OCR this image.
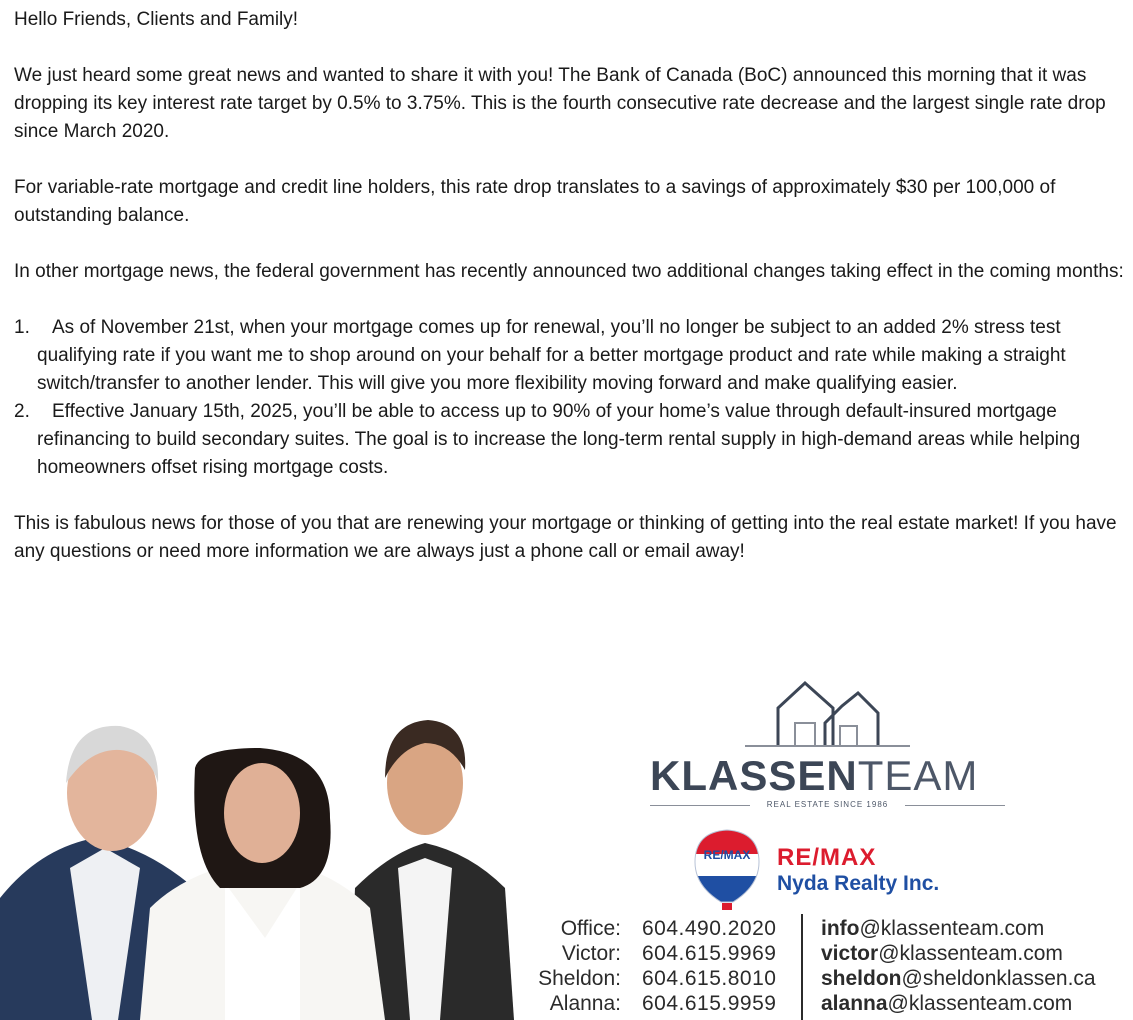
Hello Friends, Clients and Family!

We just heard some great news and wanted to share it with you! The Bank of Canada (BoC) announced this morning that it was dropping its key interest rate target by 0.5% to 3.75%. This is the fourth consecutive rate decrease and the largest single rate drop since March 2020.

For variable-rate mortgage and credit line holders, this rate drop translates to a savings of approximately $30 per 100,000 of outstanding balance.

In other mortgage news, the federal government has recently announced two additional changes taking effect in the coming months:

1. As of November 21st, when your mortgage comes up for renewal, you’ll no longer be subject to an added 2% stress test qualifying rate if you want me to shop around on your behalf for a better mortgage product and rate while making a straight switch/transfer to another lender. This will give you more flexibility moving forward and make qualifying easier.
2. Effective January 15th, 2025, you’ll be able to access up to 90% of your home’s value through default-insured mortgage refinancing to build secondary suites. The goal is to increase the long-term rental supply in high-demand areas while helping homeowners offset rising mortgage costs.

This is fabulous news for those of you that are renewing your mortgage or thinking of getting into the real estate market! If you have any questions or need more information we are always just a phone call or email away!

KLASSENTEAM
REAL ESTATE SINCE 1986
RE/MAX RE/MAX
Nyda Realty Inc.
Office: 604.490.2020 info@klassenteam.com
Victor: 604.615.9969 victor@klassenteam.com
Sheldon: 604.615.8010 sheldon@sheldonklassen.ca
Alanna: 604.615.9959 alanna@klassenteam.com
